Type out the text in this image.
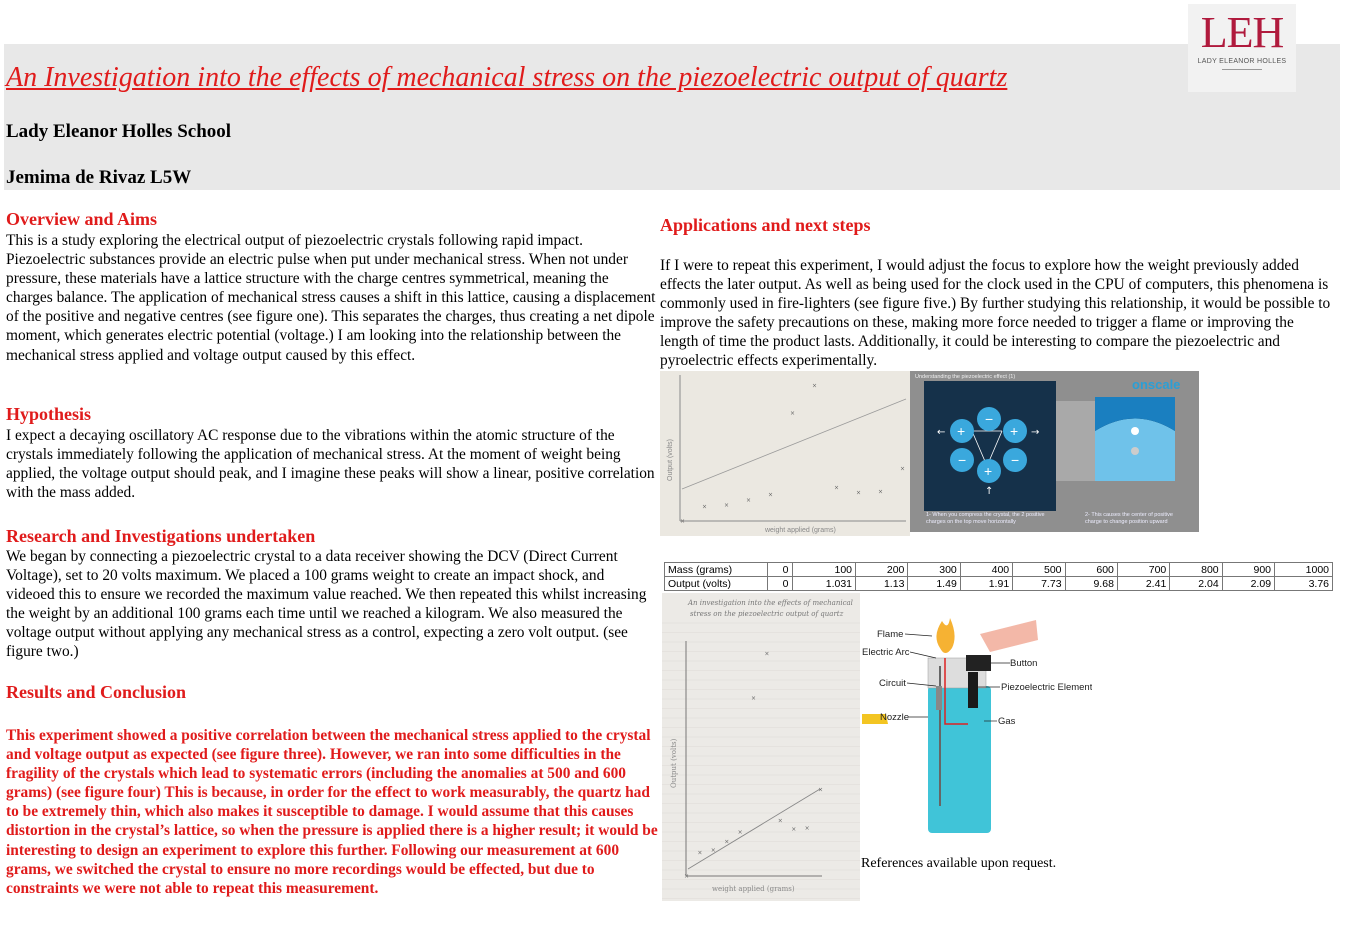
An Investigation into the effects of mechanical stress on the piezoelectric output of quartz

Lady Eleanor Holles School

Jemima de Rivaz L5W

LEH
LADY ELEANOR HOLLES
Overview and Aims

This is a study exploring the electrical output of piezoelectric crystals following rapid impact. Piezoelectric substances provide an electric pulse when put under mechanical stress. When not under pressure, these materials have a lattice structure with the charge centres symmetrical, meaning the charges balance. The application of mechanical stress causes a shift in this lattice, causing a displacement of the positive and negative centres (see figure one). This separates the charges, thus creating a net dipole moment, which generates electric potential (voltage.) I am looking into the relationship between the mechanical stress applied and voltage output caused by this effect.

Hypothesis

I expect a decaying oscillatory AC response due to the vibrations within the atomic structure of the crystals immediately following the application of mechanical stress. At the moment of weight being applied, the voltage output should peak, and I imagine these peaks will show a linear, positive correlation with the mass added.

Research and Investigations undertaken

We began by connecting a piezoelectric crystal to a data receiver showing the DCV (Direct Current Voltage), set to 20 volts maximum. We placed a 100 grams weight to create an impact shock, and videoed this to ensure we recorded the maximum value reached. We then repeated this whilst increasing the weight by an additional 100 grams each time until we reached a kilogram. We also measured the voltage output without applying any mechanical stress as a control, expecting a zero volt output. (see figure two.)

Results and Conclusion

This experiment showed a positive correlation between the mechanical stress applied to the crystal and voltage output as expected (see figure three). However, we ran into some difficulties in the fragility of the crystals which lead to systematic errors (including the anomalies at 500 and 600 grams) (see figure four) This is because, in order for the effect to work measurably, the quartz had to be extremely thin, which also makes it susceptible to damage. I would assume that this causes distortion in the crystal’s lattice, so when the pressure is applied there is a higher result; it would be interesting to design an experiment to explore this further. Following our measurement at 600 grams, we switched the crystal to ensure no more recordings would be effected, but due to constraints we were not able to repeat this measurement.

Applications and next steps

If I were to repeat this experiment, I would adjust the focus to explore how the weight previously added effects the later output. As well as being used for the clock used in the CPU of computers, this phenomena is commonly used in fire-lighters (see figure five.) By further studying this relationship, it would be possible to improve the safety precautions on these, making more force needed to trigger a flame or improving the length of time the product lasts. Additionally, it could be interesting to compare the piezoelectric and pyroelectric effects experimentally.

×
×	×
×
×
×
×
×
×	×
×
Output (volts)
weight applied (grams)
Understanding the piezoelectric effect (1)	onscale
+	+
−
−	−
+
←	→
↑
1- When you compress the crystal, the 2 positive charges on the top move horizontally
2- This causes the center of positive charge to change position upward
Mass (grams)	0	100	200	300	400	500	600	700	800	900	1000
Output (volts)	0	1.031	1.13	1.49	1.91	7.73	9.68	2.41	2.04	2.09	3.76
An investigation into the effects of mechanical
stress on the piezoelectric output of quartz
×
× ×
×
×
×
×
×
× ×
×
Output (volts)
weight applied (grams)
Flame
Electric Arc
Circuit
Nozzle
Button
Piezoelectric Element
Gas

References available upon request.
